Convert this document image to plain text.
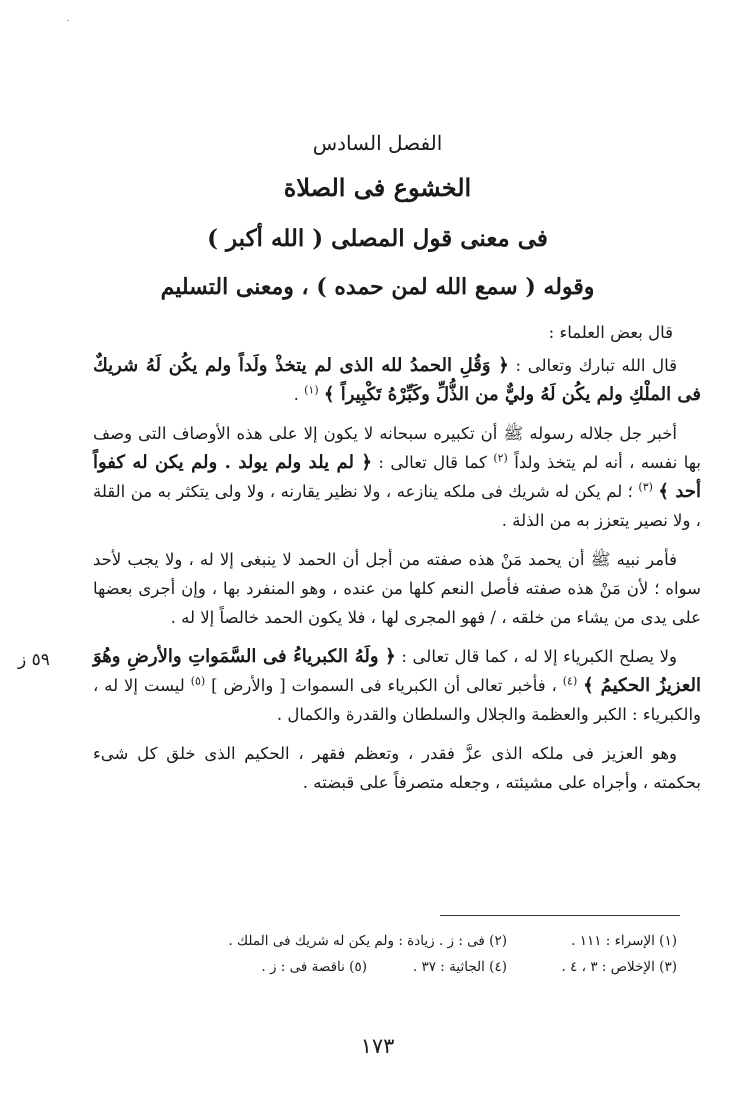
·
الفصل السادس
الخشوع فى الصلاة
فى معنى قول المصلى ( الله أكبر )
وقوله ( سمع الله لمن حمده ) ، ومعنى التسليم

قال بعض العلماء :

قال الله تبارك وتعالى : ﴿ وَقُلِ الحمدُ لله الذى لم يتخذْ ولَداً ولم يكُن لَهُ شريكٌ فى الملْكِ ولم يكُن لَهُ وليٌّ من الذُّلِّ وكَبِّرْهُ تَكْبِيراً ﴾ $^{(١)}$ .

أخبر جل جلاله رسوله ﷺ أن تكبيره سبحانه لا يكون إلا على هذه الأوصاف التى وصف بها نفسه ، أنه لم يتخذ ولداً $^{(٢)}$ كما قال تعالى : ﴿ لم يلد ولم يولد . ولم يكن له كفواً أحد ﴾ $^{(٣)}$ ؛ لم يكن له شريك فى ملكه ينازعه ، ولا نظير يقارنه ، ولا ولى يتكثر به من القلة ، ولا نصير يتعزز به من الذلة .

فأمر نبيه ﷺ أن يحمد مَنْ هذه صفته من أجل أن الحمد لا ينبغى إلا له ، ولا يجب لأحد سواه ؛ لأن مَنْ هذه صفته فأصل النعم كلها من عنده ، وهو المنفرد بها ، وإن أجرى بعضها على يدى من يشاء من خلقه ، / فهو المجرى لها ، فلا يكون الحمد خالصاً إلا له .

ولا يصلح الكبرياء إلا له ، كما قال تعالى : ﴿ ولَهُ الكبرياءُ فى السَّمَواتِ والأرضِ وهُوَ العزيزُ الحكيمُ ﴾ $^{(٤)}$ ، فأخبر تعالى أن الكبرياء فى السموات [ والأرض ] $^{(٥)}$ ليست إلا له ، والكبرياء : الكبر والعظمة والجلال والسلطان والقدرة والكمال .

وهو العزيز فى ملكه الذى عزَّ فقدر ، وتعظم فقهر ، الحكيم الذى خلق كل شىء بحكمته ، وأجراه على مشيئته ، وجعله متصرفاً على قبضته .

٥٩ ز
(١) الإسراء : ١١١ .
(٢) فى : ز . زيادة : ولم يكن له شريك فى الملك .
(٣) الإخلاص : ٣ ، ٤ .
(٤) الجاثية : ٣٧ .
(٥) ناقصة فى : ز .
١٧٣
